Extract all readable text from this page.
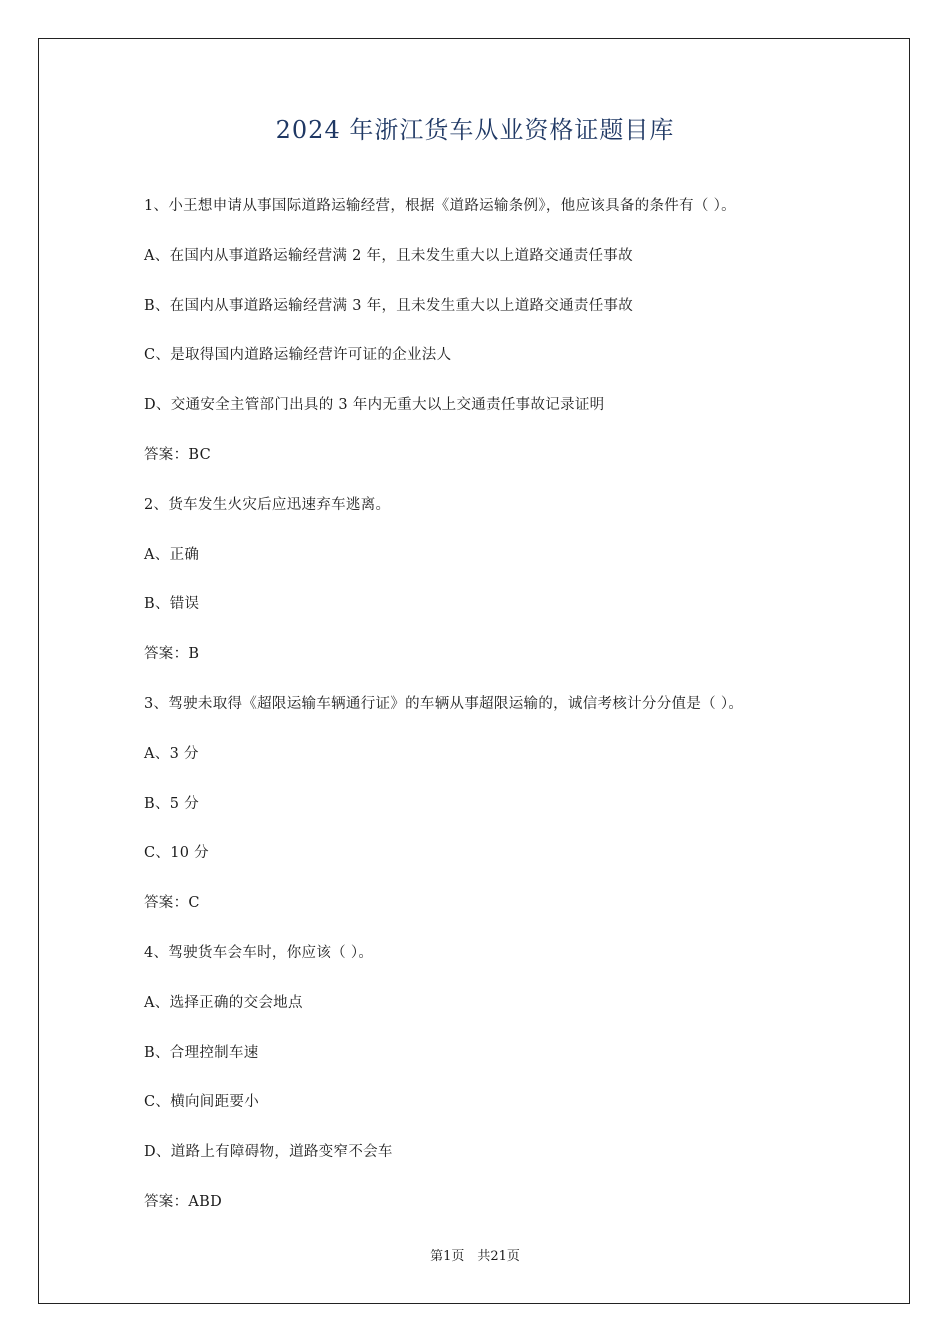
2024 年浙江货车从业资格证题目库

1、小王想申请从事国际道路运输经营，根据《道路运输条例》，他应该具备的条件有（ ）。

A、在国内从事道路运输经营满 2 年，且未发生重大以上道路交通责任事故

B、在国内从事道路运输经营满 3 年，且未发生重大以上道路交通责任事故

C、是取得国内道路运输经营许可证的企业法人

D、交通安全主管部门出具的 3 年内无重大以上交通责任事故记录证明

答案：BC

2、货车发生火灾后应迅速弃车逃离。

A、正确

B、错误

答案：B

3、驾驶未取得《超限运输车辆通行证》的车辆从事超限运输的，诚信考核计分分值是（ ）。

A、3 分

B、5 分

C、10 分

答案：C

4、驾驶货车会车时，你应该（ ）。

A、选择正确的交会地点

B、合理控制车速

C、横向间距要小

D、道路上有障碍物，道路变窄不会车

答案：ABD

第1页　共21页
